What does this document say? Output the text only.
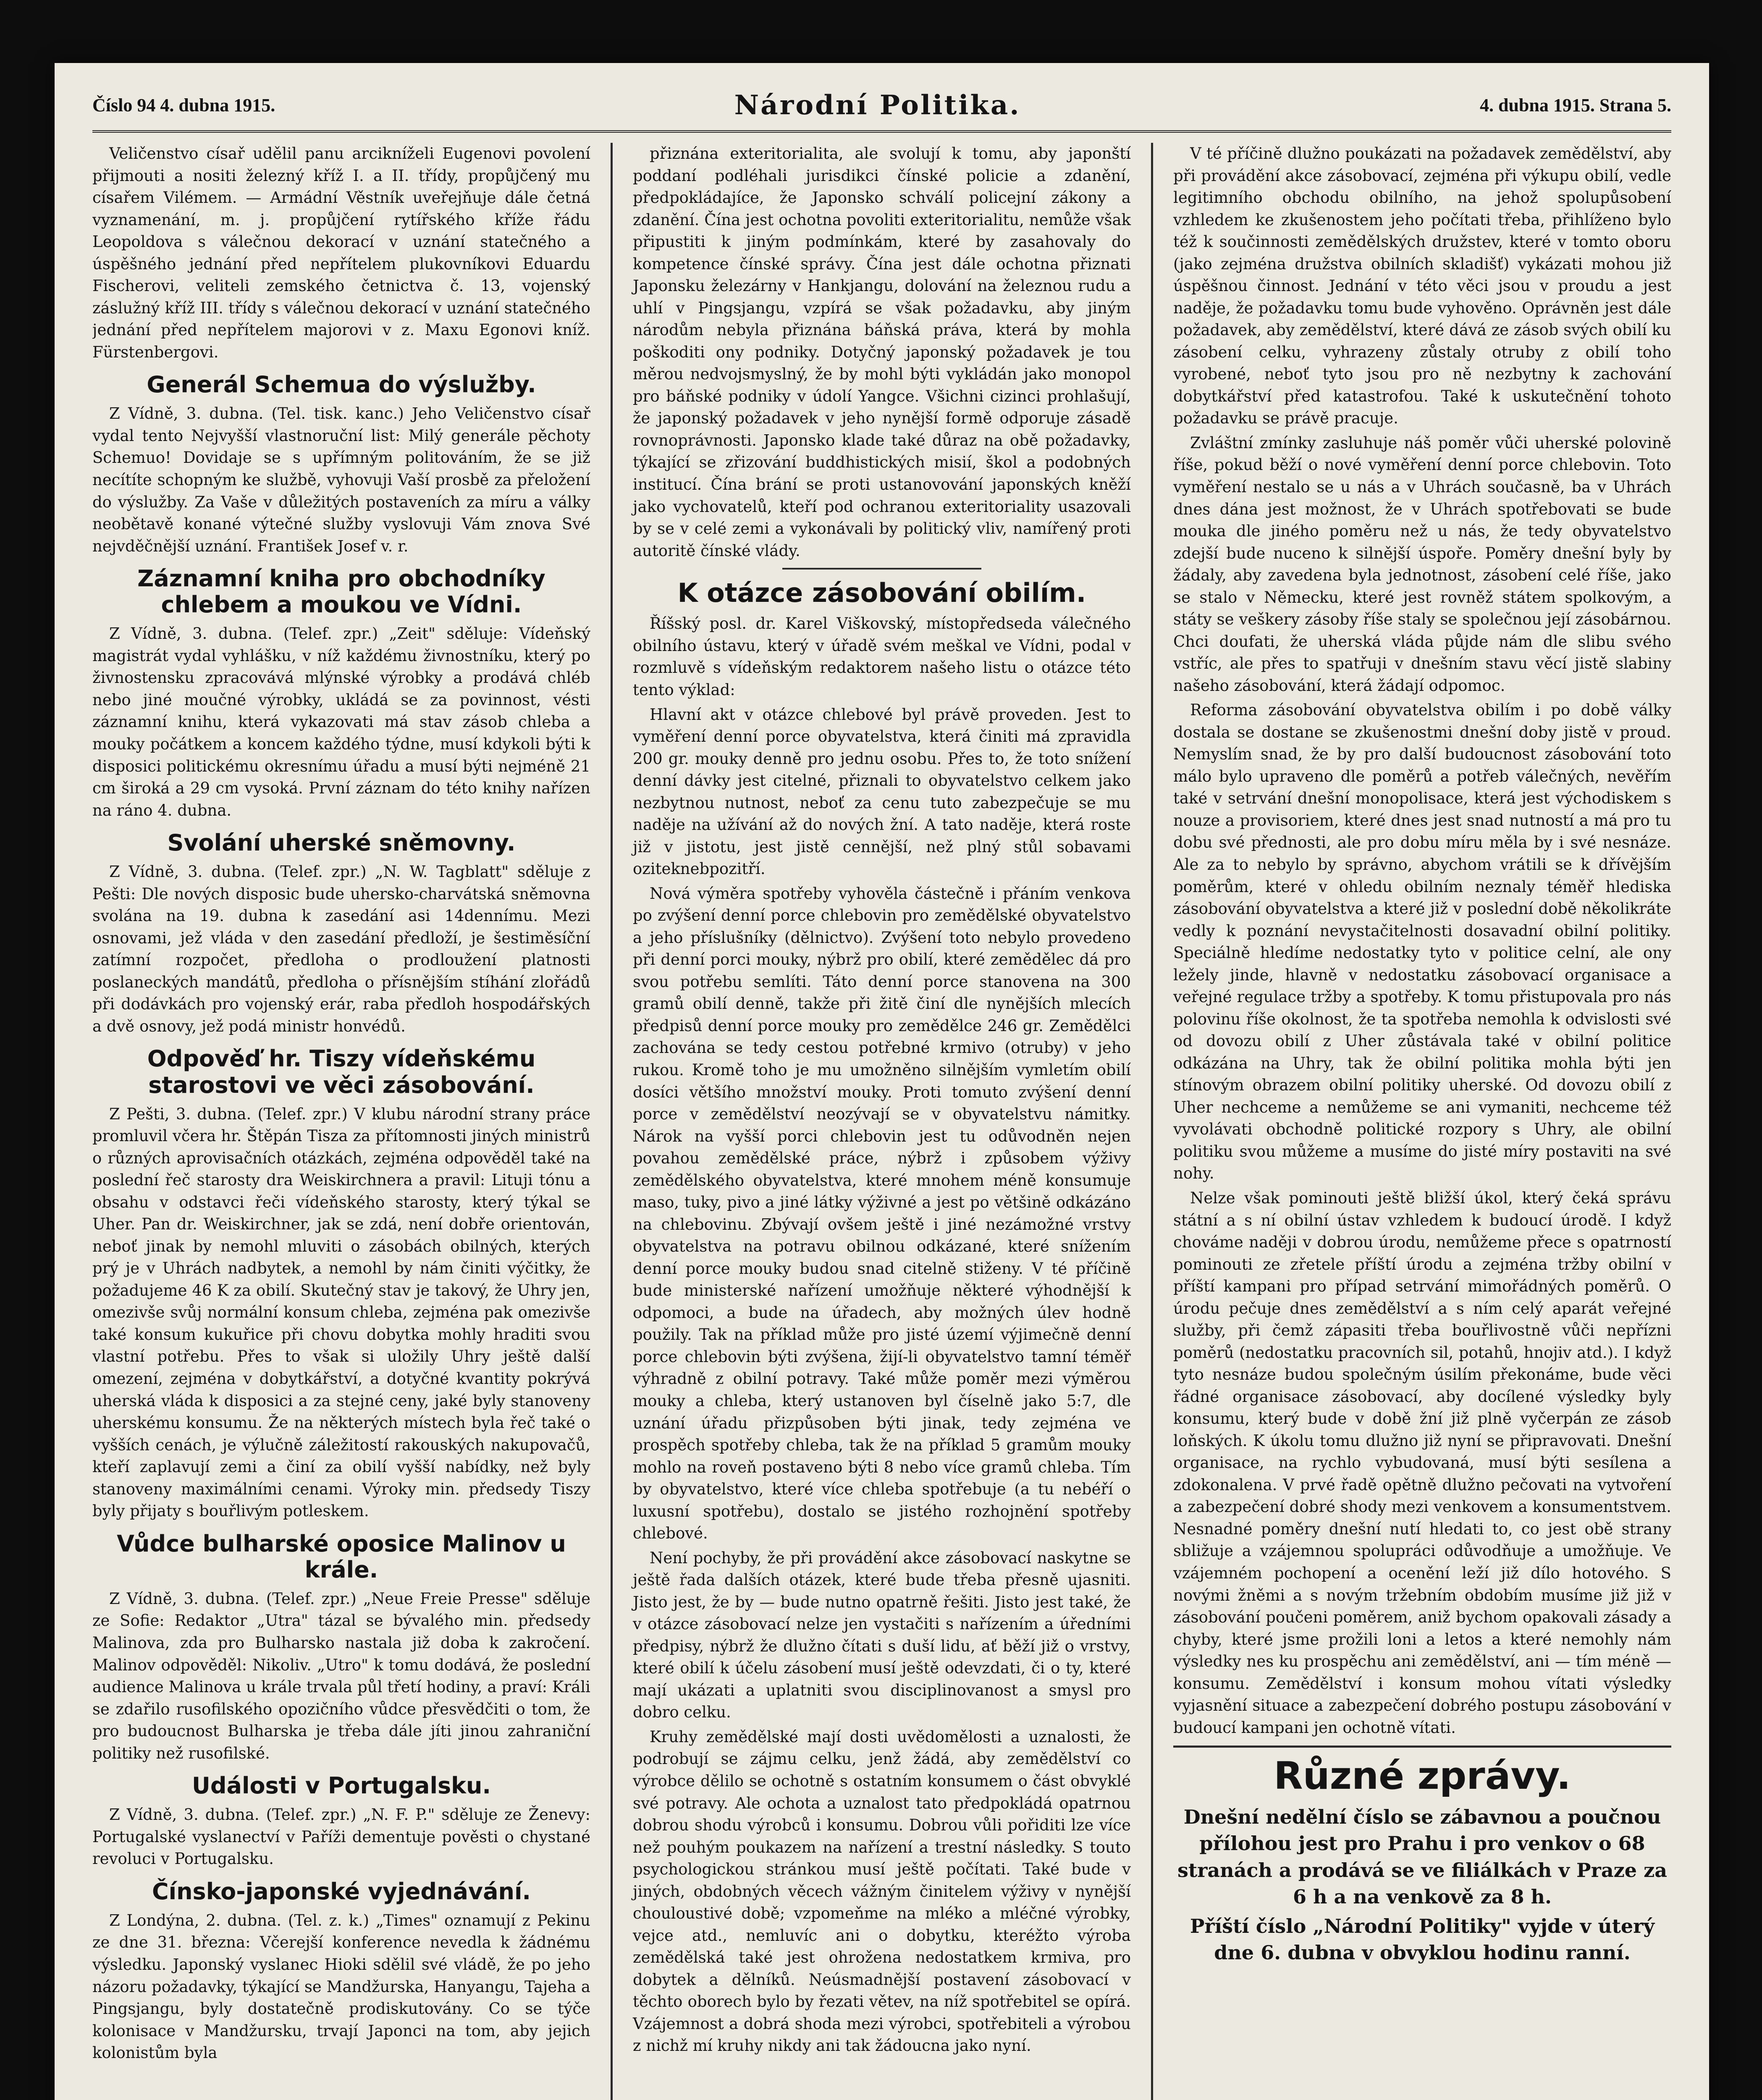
Číslo 94 4. dubna 1915.	Národní Politika.	4. dubna 1915. Strana 5.

Veličenstvo císař udělil panu arcikníželi Eugenovi povolení přijmouti a nositi železný kříž I. a II. třídy, propůjčený mu císařem Vilémem. — Armádní Věstník uveřejňuje dále četná vyznamenání, m. j. propůjčení rytířského kříže řádu Leopoldova s válečnou dekorací v uznání statečného a úspěšného jednání před nepřítelem plukovníkovi Eduardu Fischerovi, veliteli zemského četnictva č. 13, vojenský záslužný kříž III. třídy s válečnou dekorací v uznání statečného jednání před nepřítelem majorovi v z. Maxu Egonovi kníž. Fürstenbergovi.

Generál Schemua do výslužby.

Z Vídně, 3. dubna. (Tel. tisk. kanc.) Jeho Veličenstvo císař vydal tento Nejvyšší vlastnoruční list: Milý generále pěchoty Schemuo! Dovidaje se s upřímným politováním, že se již necítíte schopným ke službě, vyhovuji Vaší prosbě za přeložení do výslužby. Za Vaše v důležitých postaveních za míru a války neobětavě konané výtečné služby vyslovuji Vám znova Své nejvděčnější uznání. František Josef v. r.

Záznamní kniha pro obchodníky chlebem a moukou ve Vídni.

Z Vídně, 3. dubna. (Telef. zpr.) „Zeit" sděluje: Vídeňský magistrát vydal vyhlášku, v níž každému živnostníku, který po živnostensku zpracovává mlýnské výrobky a prodává chléb nebo jiné moučné výrobky, ukládá se za povinnost, vésti záznamní knihu, která vykazovati má stav zásob chleba a mouky počátkem a koncem každého týdne, musí kdykoli býti k disposici politickému okresnímu úřadu a musí býti nejméně 21 cm široká a 29 cm vysoká. První záznam do této knihy nařízen na ráno 4. dubna.

Svolání uherské sněmovny.

Z Vídně, 3. dubna. (Telef. zpr.) „N. W. Tagblatt" sděluje z Pešti: Dle nových disposic bude uhersko-charvátská sněmovna svolána na 19. dubna k zasedání asi 14dennímu. Mezi osnovami, jež vláda v den zasedání předloží, je šestiměsíční zatímní rozpočet, předloha o prodloužení platnosti poslaneckých mandátů, předloha o přísnějším stíhání zlořádů při dodávkách pro vojenský erár, raba předloh hospodářských a dvě osnovy, jež podá ministr honvédů.

Odpověď hr. Tiszy vídeňskému starostovi ve věci zásobování.

Z Pešti, 3. dubna. (Telef. zpr.) V klubu národní strany práce promluvil včera hr. Štěpán Tisza za přítomnosti jiných ministrů o různých aprovisačních otázkách, zejména odpověděl také na poslední řeč starosty dra Weiskirchnera a pravil: Lituji tónu a obsahu v odstavci řeči vídeňského starosty, který týkal se Uher. Pan dr. Weiskirchner, jak se zdá, není dobře orientován, neboť jinak by nemohl mluviti o zásobách obilných, kterých prý je v Uhrách nadbytek, a nemohl by nám činiti výčitky, že požadujeme 46 K za obilí. Skutečný stav je takový, že Uhry jen, omezivše svůj normální konsum chleba, zejména pak omezivše také konsum kukuřice při chovu dobytka mohly hraditi svou vlastní potřebu. Přes to však si uložily Uhry ještě další omezení, zejména v dobytkářství, a dotyčné kvantity pokrývá uherská vláda k disposici a za stejné ceny, jaké byly stanoveny uherskému konsumu. Že na některých místech byla řeč také o vyšších cenách, je výlučně záležitostí rakouských nakupovačů, kteří zaplavují zemi a činí za obilí vyšší nabídky, než byly stanoveny maximálními cenami. Výroky min. předsedy Tiszy byly přijaty s bouřlivým potleskem.

Vůdce bulharské oposice Malinov u krále.

Z Vídně, 3. dubna. (Telef. zpr.) „Neue Freie Presse" sděluje ze Sofie: Redaktor „Utra" tázal se bývalého min. předsedy Malinova, zda pro Bulharsko nastala již doba k zakročení. Malinov odpověděl: Nikoliv. „Utro" k tomu dodává, že poslední audience Malinova u krále trvala půl třetí hodiny, a praví: Králi se zdařilo rusofilského opozičního vůdce přesvědčiti o tom, že pro budoucnost Bulharska je třeba dále jíti jinou zahraniční politiky než rusofilské.

Události v Portugalsku.

Z Vídně, 3. dubna. (Telef. zpr.) „N. F. P." sděluje ze Ženevy: Portugalské vyslanectví v Paříži dementuje pověsti o chystané revoluci v Portugalsku.

Čínsko-japonské vyjednávání.

Z Londýna, 2. dubna. (Tel. z. k.) „Times" oznamují z Pekinu ze dne 31. března: Včerejší konference nevedla k žádnému výsledku. Japonský vyslanec Hioki sdělil své vládě, že po jeho názoru požadavky, týkající se Mandžurska, Hanyangu, Tajeha a Pingsjangu, byly dostatečně prodiskutovány. Co se týče kolonisace v Mandžursku, trvají Japonci na tom, aby jejich kolonistům byla

přiznána exteritorialita, ale svolují k tomu, aby japonští poddaní podléhali jurisdikci čínské policie a zdanění, předpokládajíce, že Japonsko schválí policejní zákony a zdanění. Čína jest ochotna povoliti exteritorialitu, nemůže však připustiti k jiným podmínkám, které by zasahovaly do kompetence čínské správy. Čína jest dále ochotna přiznati Japonsku železárny v Hankjangu, dolování na železnou rudu a uhlí v Pingsjangu, vzpírá se však požadavku, aby jiným národům nebyla přiznána báňská práva, která by mohla poškoditi ony podniky. Dotyčný japonský požadavek je tou měrou nedvojsmyslný, že by mohl býti vykládán jako monopol pro báňské podniky v údolí Yangce. Všichni cizinci prohlašují, že japonský požadavek v jeho nynější formě odporuje zásadě rovnoprávnosti. Japonsko klade také důraz na obě požadavky, týkající se zřizování buddhistických misií, škol a podobných institucí. Čína brání se proti ustanovování japonských kněží jako vychovatelů, kteří pod ochranou exteritoriality usazovali by se v celé zemi a vykonávali by politický vliv, namířený proti autoritě čínské vlády.

K otázce zásobování obilím.

Říšský posl. dr. Karel Viškovský, místopředseda válečného obilního ústavu, který v úřadě svém meškal ve Vídni, podal v rozmluvě s vídeňským redaktorem našeho listu o otázce této tento výklad:

Hlavní akt v otázce chlebové byl právě proveden. Jest to vyměření denní porce obyvatelstva, která činiti má zpravidla 200 gr. mouky denně pro jednu osobu. Přes to, že toto snížení denní dávky jest citelné, přiznali to obyvatelstvo celkem jako nezbytnou nutnost, neboť za cenu tuto zabezpečuje se mu naděje na užívání až do nových žní. A tato naděje, která roste již v jistotu, jest jistě cennější, než plný stůl sobavami oziteknebpozitří.

Nová výměra spotřeby vyhověla částečně i přáním venkova po zvýšení denní porce chlebovin pro zemědělské obyvatelstvo a jeho příslušníky (dělnictvo). Zvýšení toto nebylo provedeno při denní porci mouky, nýbrž pro obilí, které zemědělec dá pro svou potřebu semlíti. Táto denní porce stanovena na 300 gramů obilí denně, takže při žitě činí dle nynějších mlecích předpisů denní porce mouky pro zemědělce 246 gr. Zemědělci zachována se tedy cestou potřebné krmivo (otruby) v jeho rukou. Kromě toho je mu umožněno silnějším vymletím obilí dosíci většího množství mouky. Proti tomuto zvýšení denní porce v zemědělství neozývají se v obyvatelstvu námitky. Nárok na vyšší porci chlebovin jest tu odůvodněn nejen povahou zemědělské práce, nýbrž i způsobem výživy zemědělského obyvatelstva, které mnohem méně konsumuje maso, tuky, pivo a jiné látky výživné a jest po většině odkázáno na chlebovinu. Zbývají ovšem ještě i jiné nezámožné vrstvy obyvatelstva na potravu obilnou odkázané, které snížením denní porce mouky budou snad citelně stiženy. V té příčině bude ministerské nařízení umožňuje některé výhodnější k odpomoci, a bude na úřadech, aby možných úlev hodně použily. Tak na příklad může pro jisté území výjimečně denní porce chlebovin býti zvýšena, žijí-li obyvatelstvo tamní téměř výhradně z obilní potravy. Také může poměr mezi výměrou mouky a chleba, který ustanoven byl číselně jako 5:7, dle uznání úřadu přizpůsoben býti jinak, tedy zejména ve prospěch spotřeby chleba, tak že na příklad 5 gramům mouky mohlo na roveň postaveno býti 8 nebo více gramů chleba. Tím by obyvatelstvo, které více chleba spotřebuje (a tu nebéří o luxusní spotřebu), dostalo se jistého rozhojnění spotřeby chlebové.

Není pochyby, že při provádění akce zásobovací naskytne se ještě řada dalších otázek, které bude třeba přesně ujasniti. Jisto jest, že by — bude nutno opatrně řešiti. Jisto jest také, že v otázce zásobovací nelze jen vystačiti s nařízením a úředními předpisy, nýbrž že dlužno čítati s duší lidu, ať běží již o vrstvy, které obilí k účelu zásobení musí ještě odevzdati, či o ty, které mají ukázati a uplatniti svou disciplinovanost a smysl pro dobro celku.

Kruhy zemědělské mají dosti uvědomělosti a uznalosti, že podrobují se zájmu celku, jenž žádá, aby zemědělství co výrobce dělilo se ochotně s ostatním konsumem o část obvyklé své potravy. Ale ochota a uznalost tato předpokládá opatrnou dobrou shodu výrobců i konsumu. Dobrou vůli pořiditi lze více než pouhým poukazem na nařízení a trestní následky. S touto psychologickou stránkou musí ještě počítati. Také bude v jiných, obdobných věcech vážným činitelem výživy v nynější chouloustivé době; vzpomeňme na mléko a mléčné výrobky, vejce atd., nemluvíc ani o dobytku, kteréžto výroba zemědělská také jest ohrožena nedostatkem krmiva, pro dobytek a dělníků. Neúsmadnější postavení zásobovací v těchto oborech bylo by řezati větev, na níž spotřebitel se opírá. Vzájemnost a dobrá shoda mezi výrobci, spotřebiteli a výrobou z nichž mí kruhy nikdy ani tak žádoucna jako nyní.

V té příčině dlužno poukázati na požadavek zemědělství, aby při provádění akce zásobovací, zejména při výkupu obilí, vedle legitimního obchodu obilního, na jehož spolupůsobení vzhledem ke zkušenostem jeho počítati třeba, přihlíženo bylo též k součinnosti zemědělských družstev, které v tomto oboru (jako zejména družstva obilních skladišť) vykázati mohou již úspěšnou činnost. Jednání v této věci jsou v proudu a jest naděje, že požadavku tomu bude vyhověno. Oprávněn jest dále požadavek, aby zemědělství, které dává ze zásob svých obilí ku zásobení celku, vyhrazeny zůstaly otruby z obilí toho vyrobené, neboť tyto jsou pro ně nezbytny k zachování dobytkářství před katastrofou. Také k uskutečnění tohoto požadavku se právě pracuje.

Zvláštní zmínky zasluhuje náš poměr vůči uherské polovině říše, pokud běží o nové vyměření denní porce chlebovin. Toto vyměření nestalo se u nás a v Uhrách současně, ba v Uhrách dnes dána jest možnost, že v Uhrách spotřebovati se bude mouka dle jiného poměru než u nás, že tedy obyvatelstvo zdejší bude nuceno k silnější úspoře. Poměry dnešní byly by žádaly, aby zavedena byla jednotnost, zásobení celé říše, jako se stalo v Německu, které jest rovněž státem spolkovým, a státy se veškery zásoby říše staly se společnou její zásobárnou. Chci doufati, že uherská vláda půjde nám dle slibu svého vstříc, ale přes to spatřuji v dnešním stavu věcí jistě slabiny našeho zásobování, která žádají odpomoc.

Reforma zásobování obyvatelstva obilím i po době války dostala se dostane se zkušenostmi dnešní doby jistě v proud. Nemyslím snad, že by pro další budoucnost zásobování toto málo bylo upraveno dle poměrů a potřeb válečných, nevěřím také v setrvání dnešní monopolisace, která jest východiskem s nouze a provisoriem, které dnes jest snad nutností a má pro tu dobu své přednosti, ale pro dobu míru měla by i své nesnáze. Ale za to nebylo by správno, abychom vrátili se k dřívějším poměrům, které v ohledu obilním neznaly téměř hlediska zásobování obyvatelstva a které již v poslední době několikráte vedly k poznání nevystačitelnosti dosavadní obilní politiky. Speciálně hledíme nedostatky tyto v politice celní, ale ony ležely jinde, hlavně v nedostatku zásobovací organisace a veřejné regulace tržby a spotřeby. K tomu přistupovala pro nás polovinu říše okolnost, že ta spotřeba nemohla k odvislosti své od dovozu obilí z Uher zůstávala také v obilní politice odkázána na Uhry, tak že obilní politika mohla býti jen stínovým obrazem obilní politiky uherské. Od dovozu obilí z Uher nechceme a nemůžeme se ani vymaniti, nechceme též vyvolávati obchodně politické rozpory s Uhry, ale obilní politiku svou můžeme a musíme do jisté míry postaviti na své nohy.

Nelze však pominouti ještě bližší úkol, který čeká správu státní a s ní obilní ústav vzhledem k budoucí úrodě. I když chováme naději v dobrou úrodu, nemůžeme přece s opatrností pominouti ze zřetele příští úrodu a zejména tržby obilní v příští kampani pro případ setrvání mimořádných poměrů. O úrodu pečuje dnes zemědělství a s ním celý aparát veřejné služby, při čemž zápasiti třeba bouřlivostně vůči nepřízni poměrů (nedostatku pracovních sil, potahů, hnojiv atd.). I když tyto nesnáze budou společným úsilím překonáme, bude věci řádné organisace zásobovací, aby docílené výsledky byly konsumu, který bude v době žní již plně vyčerpán ze zásob loňských. K úkolu tomu dlužno již nyní se připravovati. Dnešní organisace, na rychlo vybudovaná, musí býti sesílena a zdokonalena. V prvé řadě opětně dlužno pečovati na vytvoření a zabezpečení dobré shody mezi venkovem a konsumentstvem. Nesnadné poměry dnešní nutí hledati to, co jest obě strany sbližuje a vzájemnou spolupráci odůvodňuje a umožňuje. Ve vzájemném pochopení a ocenění leží již dílo hotového. S novými žněmi a s novým tržebním obdobím musíme již již v zásobování poučeni poměrem, aniž bychom opakovali zásady a chyby, které jsme prožili loni a letos a které nemohly nám výsledky nes ku prospěchu ani zemědělství, ani — tím méně — konsumu. Zemědělství i konsum mohou vítati výsledky vyjasnění situace a zabezpečení dobrého postupu zásobování v budoucí kampani jen ochotně vítati.

Různé zprávy.

Dnešní nedělní číslo se zábavnou a poučnou přílohou jest pro Prahu i pro venkov o 68 stranách a prodává se ve filiálkách v Praze za 6 h a na venkově za 8 h.

Příští číslo „Národní Politiky" vyjde v úterý dne 6. dubna v obvyklou hodinu ranní.
